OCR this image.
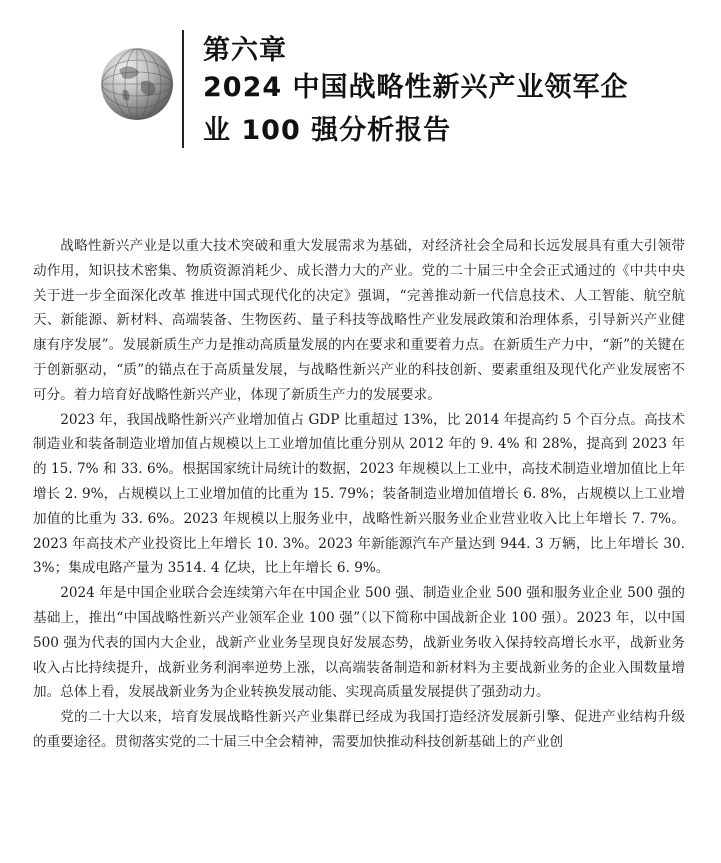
第六章
2024 中国战略性新兴产业领军企
业 100 强分析报告

战略性新兴产业是以重大技术突破和重大发展需求为基础，对经济社会全局和长远发展具有重大引领带动作用，知识技术密集、物质资源消耗少、成长潜力大的产业。党的二十届三中全会正式通过的《中共中央关于进一步全面深化改革 推进中国式现代化的决定》强调，“完善推动新一代信息技术、人工智能、航空航天、新能源、新材料、高端装备、生物医药、量子科技等战略性产业发展政策和治理体系，引导新兴产业健康有序发展”。发展新质生产力是推动高质量发展的内在要求和重要着力点。在新质生产力中，“新”的关键在于创新驱动，“质”的锚点在于高质量发展，与战略性新兴产业的科技创新、要素重组及现代化产业发展密不可分。着力培育好战略性新兴产业，体现了新质生产力的发展要求。

2023 年，我国战略性新兴产业增加值占 GDP 比重超过 13%，比 2014 年提高约 5 个百分点。高技术制造业和装备制造业增加值占规模以上工业增加值比重分别从 2012 年的 9. 4% 和 28%，提高到 2023 年的 15. 7% 和 33. 6%。根据国家统计局统计的数据，2023 年规模以上工业中，高技术制造业增加值比上年增长 2. 9%，占规模以上工业增加值的比重为 15. 79%；装备制造业增加值增长 6. 8%，占规模以上工业增加值的比重为 33. 6%。2023 年规模以上服务业中，战略性新兴服务业企业营业收入比上年增长 7. 7%。2023 年高技术产业投资比上年增长 10. 3%。2023 年新能源汽车产量达到 944. 3 万辆，比上年增长 30. 3%；集成电路产量为 3514. 4 亿块，比上年增长 6. 9%。

2024 年是中国企业联合会连续第六年在中国企业 500 强、制造业企业 500 强和服务业企业 500 强的基础上，推出“中国战略性新兴产业领军企业 100 强”（以下简称中国战新企业 100 强）。2023 年，以中国 500 强为代表的国内大企业，战新产业业务呈现良好发展态势，战新业务收入保持较高增长水平，战新业务收入占比持续提升，战新业务利润率逆势上涨，以高端装备制造和新材料为主要战新业务的企业入围数量增加。总体上看，发展战新业务为企业转换发展动能、实现高质量发展提供了强劲动力。

党的二十大以来，培育发展战略性新兴产业集群已经成为我国打造经济发展新引擎、促进产业结构升级的重要途径。贯彻落实党的二十届三中全会精神，需要加快推动科技创新基础上的产业创
